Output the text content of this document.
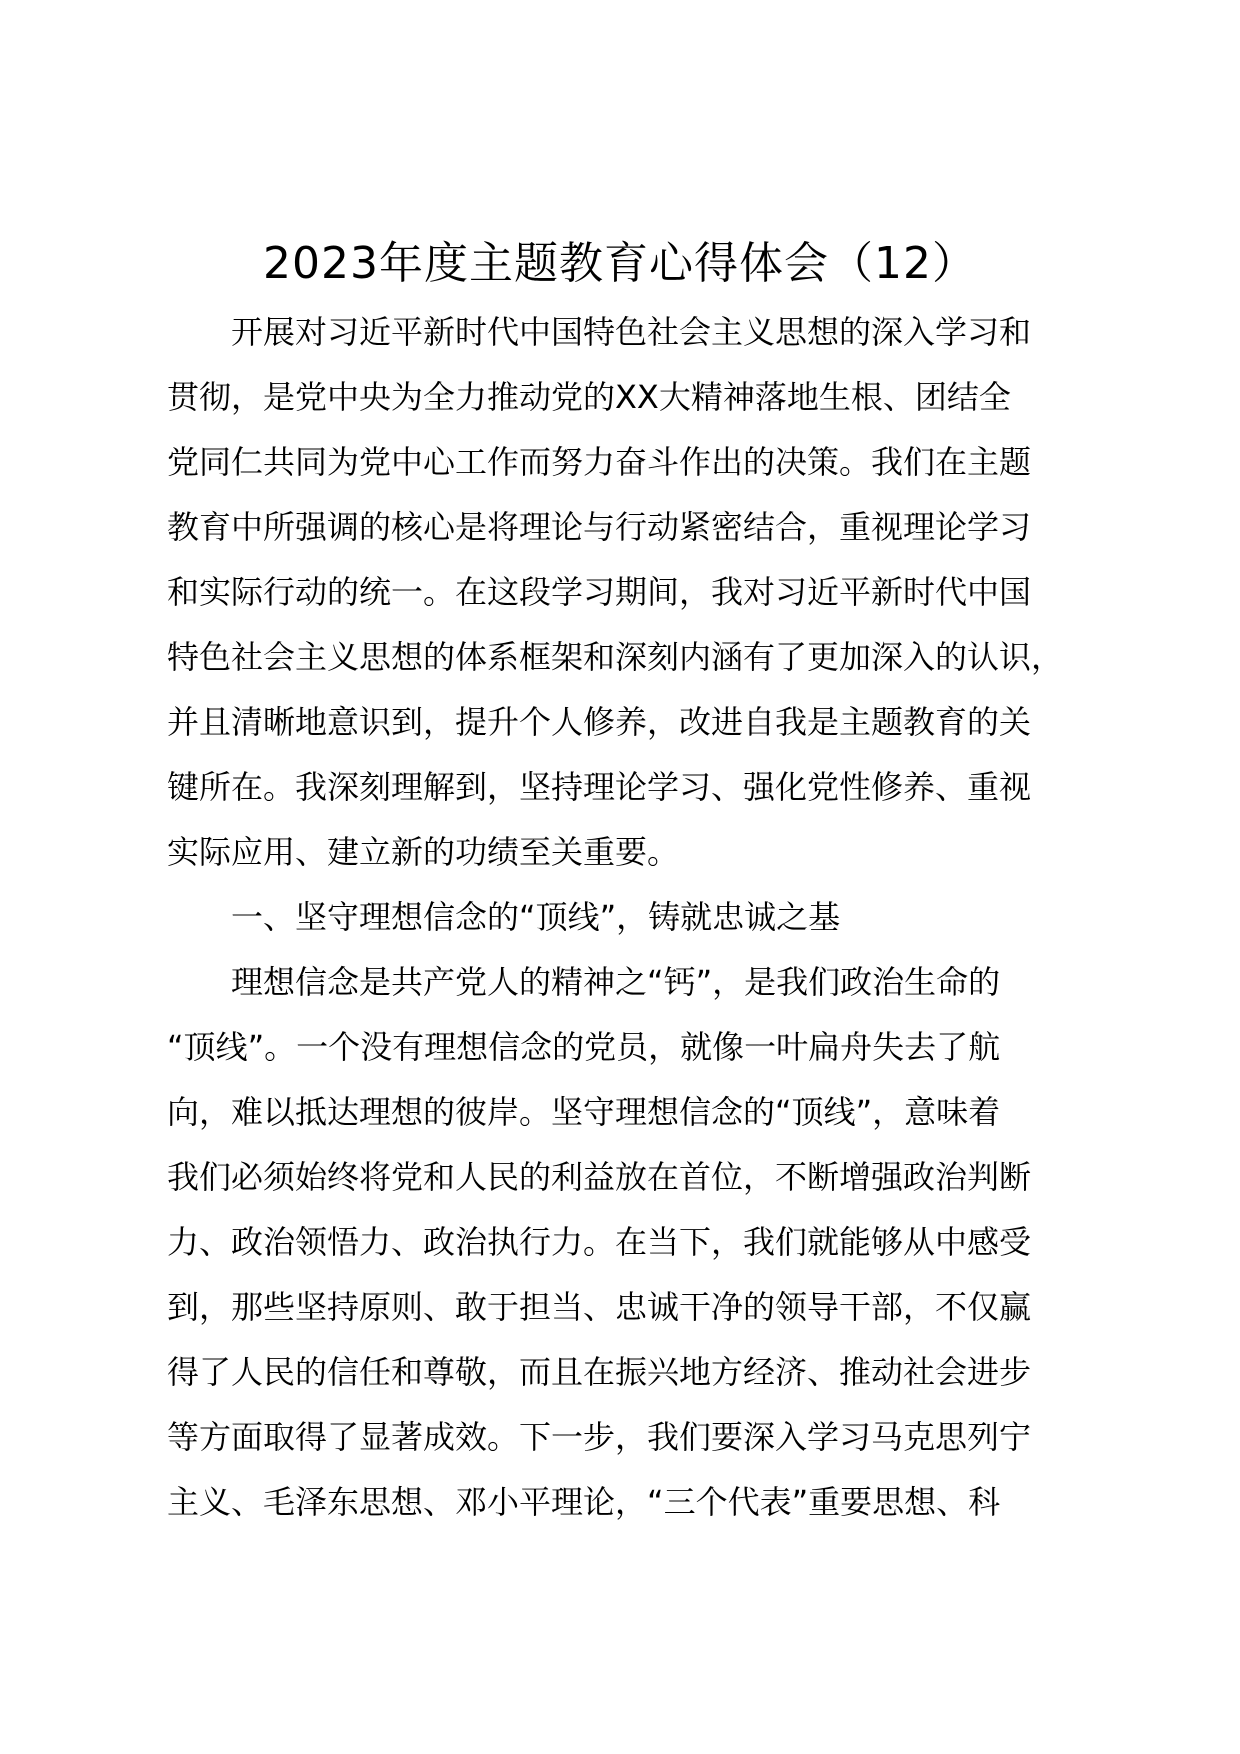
2023年度主题教育心得体会（12）
开展对习近平新时代中国特色社会主义思想的深入学习和
贯彻，是党中央为全力推动党的XX大精神落地生根、团结全
党同仁共同为党中心工作而努力奋斗作出的决策。我们在主题
教育中所强调的核心是将理论与行动紧密结合，重视理论学习
和实际行动的统一。在这段学习期间，我对习近平新时代中国
特色社会主义思想的体系框架和深刻内涵有了更加深入的认识，
并且清晰地意识到，提升个人修养，改进自我是主题教育的关
键所在。我深刻理解到，坚持理论学习、强化党性修养、重视
实际应用、建立新的功绩至关重要。
一、坚守理想信念的“顶线”，铸就忠诚之基
理想信念是共产党人的精神之“钙”，是我们政治生命的
“顶线”。一个没有理想信念的党员，就像一叶扁舟失去了航
向，难以抵达理想的彼岸。坚守理想信念的“顶线”，意味着
我们必须始终将党和人民的利益放在首位，不断增强政治判断
力、政治领悟力、政治执行力。在当下，我们就能够从中感受
到，那些坚持原则、敢于担当、忠诚干净的领导干部，不仅赢
得了人民的信任和尊敬，而且在振兴地方经济、推动社会进步
等方面取得了显著成效。下一步，我们要深入学习马克思列宁
主义、毛泽东思想、邓小平理论，“三个代表”重要思想、科
